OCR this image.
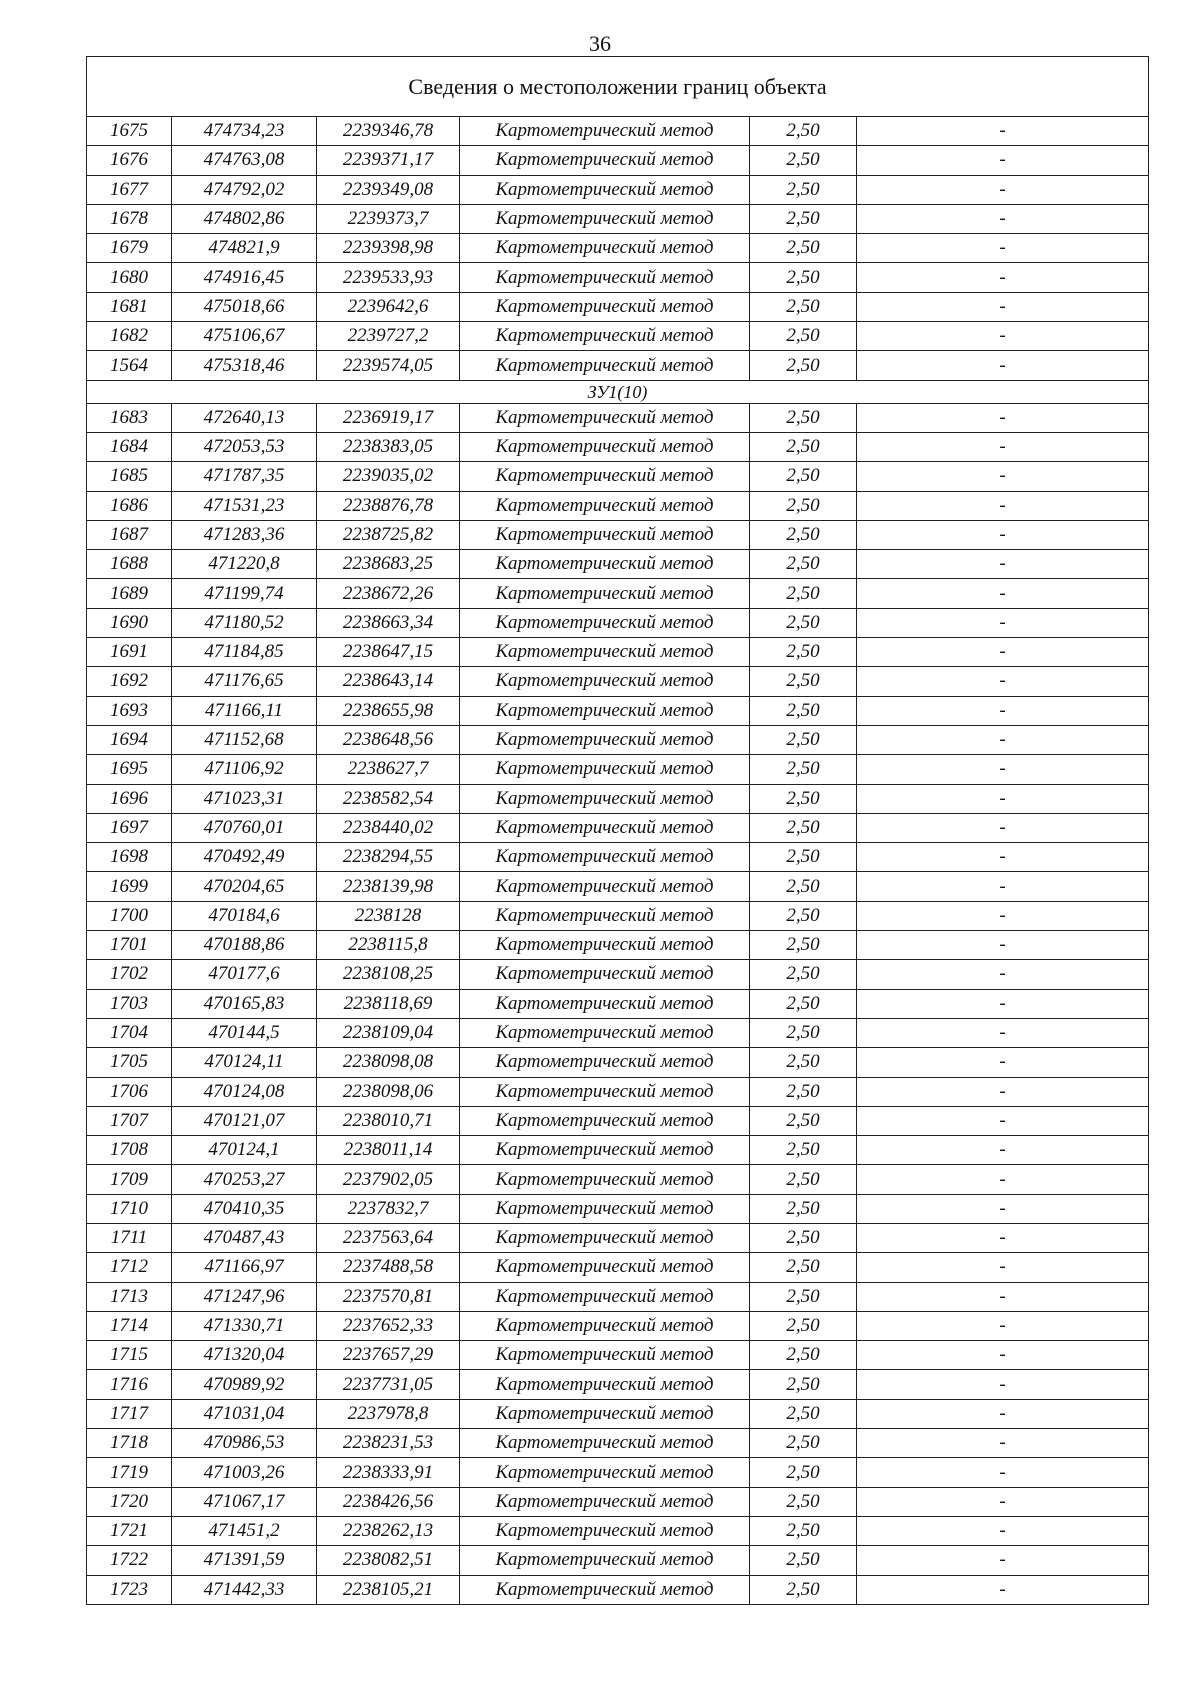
36
Сведения о местоположении границ объекта					
1675	474734,23	2239346,78	Картометрический метод	2,50	-
1676	474763,08	2239371,17	Картометрический метод	2,50	-
1677	474792,02	2239349,08	Картометрический метод	2,50	-
1678	474802,86	2239373,7	Картометрический метод	2,50	-
1679	474821,9	2239398,98	Картометрический метод	2,50	-
1680	474916,45	2239533,93	Картометрический метод	2,50	-
1681	475018,66	2239642,6	Картометрический метод	2,50	-
1682	475106,67	2239727,2	Картометрический метод	2,50	-
1564	475318,46	2239574,05	Картометрический метод	2,50	-
ЗУ1(10)					
1683	472640,13	2236919,17	Картометрический метод	2,50	-
1684	472053,53	2238383,05	Картометрический метод	2,50	-
1685	471787,35	2239035,02	Картометрический метод	2,50	-
1686	471531,23	2238876,78	Картометрический метод	2,50	-
1687	471283,36	2238725,82	Картометрический метод	2,50	-
1688	471220,8	2238683,25	Картометрический метод	2,50	-
1689	471199,74	2238672,26	Картометрический метод	2,50	-
1690	471180,52	2238663,34	Картометрический метод	2,50	-
1691	471184,85	2238647,15	Картометрический метод	2,50	-
1692	471176,65	2238643,14	Картометрический метод	2,50	-
1693	471166,11	2238655,98	Картометрический метод	2,50	-
1694	471152,68	2238648,56	Картометрический метод	2,50	-
1695	471106,92	2238627,7	Картометрический метод	2,50	-
1696	471023,31	2238582,54	Картометрический метод	2,50	-
1697	470760,01	2238440,02	Картометрический метод	2,50	-
1698	470492,49	2238294,55	Картометрический метод	2,50	-
1699	470204,65	2238139,98	Картометрический метод	2,50	-
1700	470184,6	2238128	Картометрический метод	2,50	-
1701	470188,86	2238115,8	Картометрический метод	2,50	-
1702	470177,6	2238108,25	Картометрический метод	2,50	-
1703	470165,83	2238118,69	Картометрический метод	2,50	-
1704	470144,5	2238109,04	Картометрический метод	2,50	-
1705	470124,11	2238098,08	Картометрический метод	2,50	-
1706	470124,08	2238098,06	Картометрический метод	2,50	-
1707	470121,07	2238010,71	Картометрический метод	2,50	-
1708	470124,1	2238011,14	Картометрический метод	2,50	-
1709	470253,27	2237902,05	Картометрический метод	2,50	-
1710	470410,35	2237832,7	Картометрический метод	2,50	-
1711	470487,43	2237563,64	Картометрический метод	2,50	-
1712	471166,97	2237488,58	Картометрический метод	2,50	-
1713	471247,96	2237570,81	Картометрический метод	2,50	-
1714	471330,71	2237652,33	Картометрический метод	2,50	-
1715	471320,04	2237657,29	Картометрический метод	2,50	-
1716	470989,92	2237731,05	Картометрический метод	2,50	-
1717	471031,04	2237978,8	Картометрический метод	2,50	-
1718	470986,53	2238231,53	Картометрический метод	2,50	-
1719	471003,26	2238333,91	Картометрический метод	2,50	-
1720	471067,17	2238426,56	Картометрический метод	2,50	-
1721	471451,2	2238262,13	Картометрический метод	2,50	-
1722	471391,59	2238082,51	Картометрический метод	2,50	-
1723	471442,33	2238105,21	Картометрический метод	2,50	-
